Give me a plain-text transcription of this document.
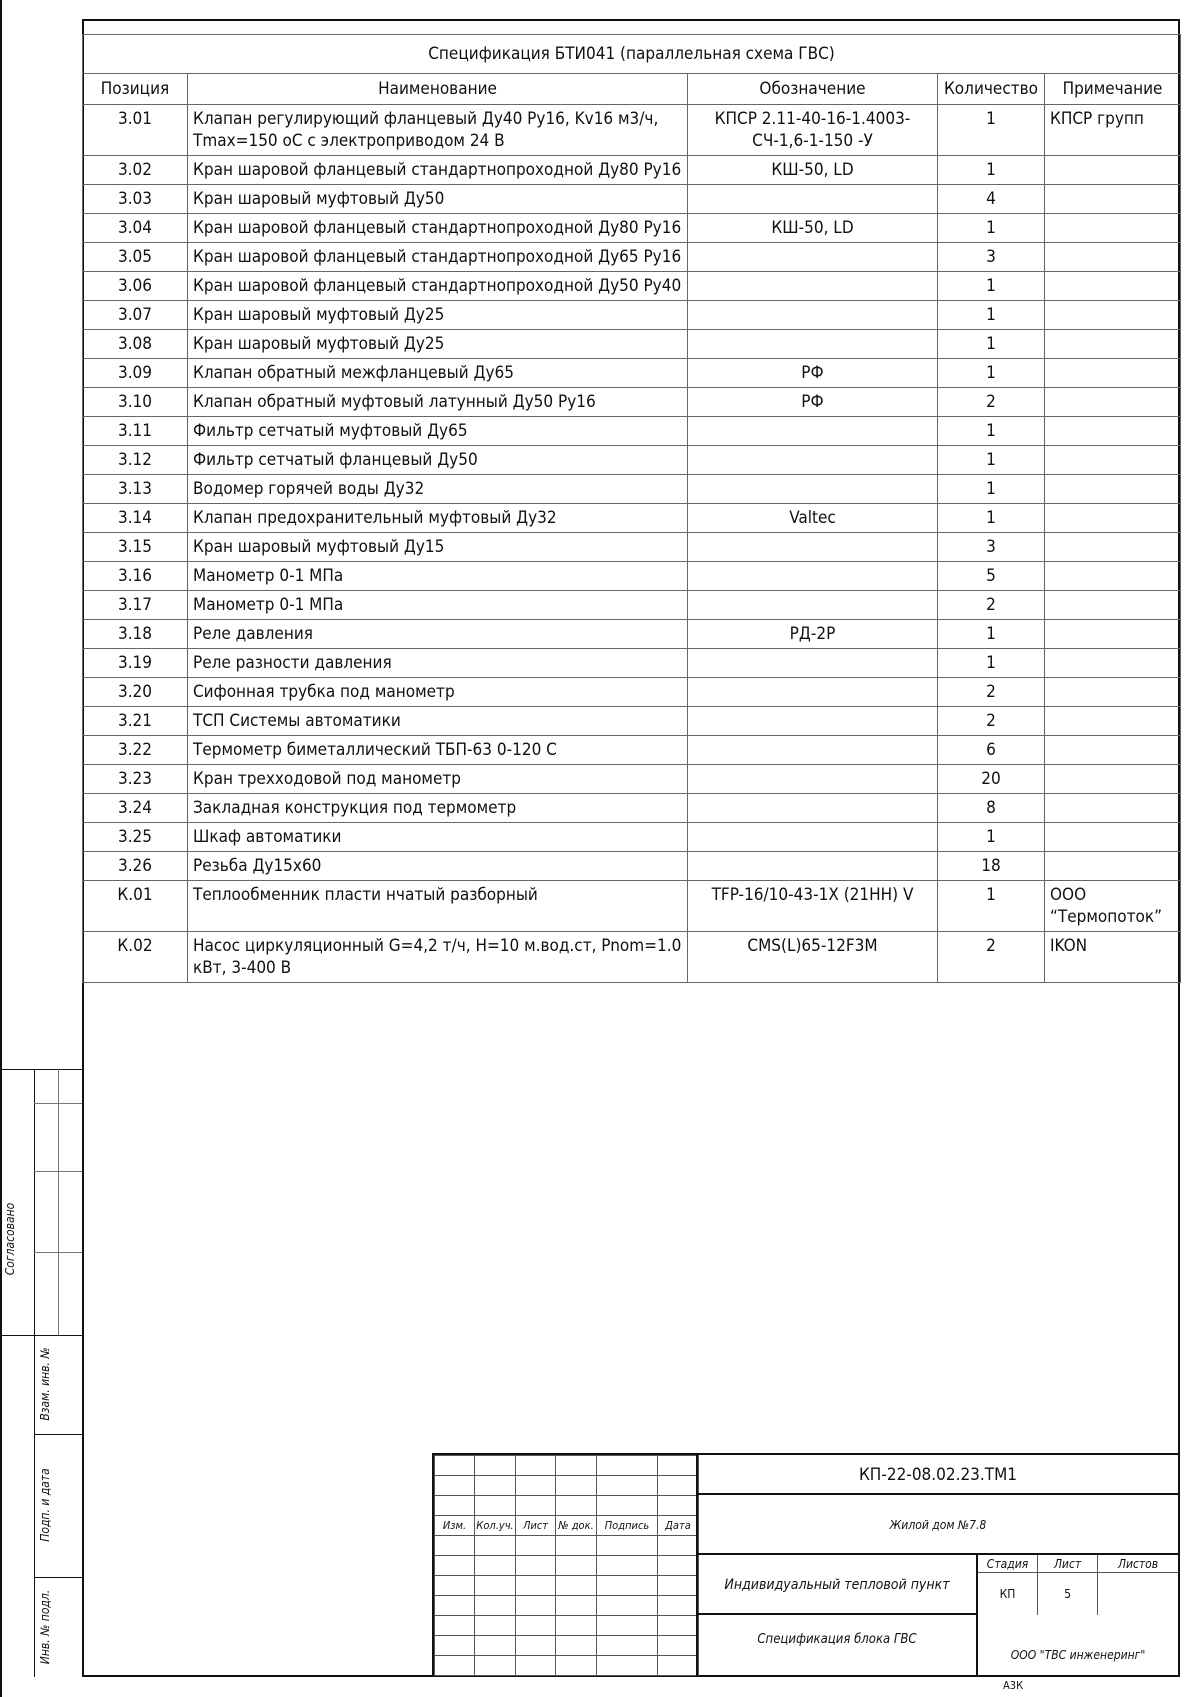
Спецификация БТИ041 (параллельная схема ГВС)				
Позиция	Наименование	Обозначение	Количество	Примечание
3.01	Клапан регулирующий фланцевый Ду40 Ру16, Kv16 м3/ч, Тmax=150 оС с электроприводом 24 В	КПСР 2.11-40-16-1.4003-СЧ-1,6-1-150 -У	1	КПСР групп
3.02	Кран шаровой фланцевый стандартнопроходной Ду80 Ру16	КШ-50, LD	1	
3.03	Кран шаровый муфтовый Ду50		4	
3.04	Кран шаровой фланцевый стандартнопроходной Ду80 Ру16	КШ-50, LD	1	
3.05	Кран шаровой фланцевый стандартнопроходной Ду65 Ру16		3	
3.06	Кран шаровой фланцевый стандартнопроходной Ду50 Ру40		1	
3.07	Кран шаровый муфтовый Ду25		1	
3.08	Кран шаровый муфтовый Ду25		1	
3.09	Клапан обратный межфланцевый Ду65	РФ	1	
3.10	Клапан обратный муфтовый латунный Ду50 Ру16	РФ	2	
3.11	Фильтр сетчатый муфтовый Ду65		1	
3.12	Фильтр сетчатый фланцевый Ду50		1	
3.13	Водомер горячей воды Ду32		1	
3.14	Клапан предохранительный муфтовый Ду32	Valtec	1	
3.15	Кран шаровый муфтовый Ду15		3	
3.16	Манометр 0-1 МПа		5	
3.17	Манометр 0-1 МПа		2	
3.18	Реле давления	РД-2Р	1	
3.19	Реле разности давления		1	
3.20	Сифонная трубка под манометр		2	
3.21	ТСП Системы автоматики		2	
3.22	Термометр биметаллический ТБП-63 0-120 С		6	
3.23	Кран трехходовой под манометр		20	
3.24	Закладная конструкция под термометр		8	
3.25	Шкаф автоматики		1	
3.26	Резьба Ду15х60		18	
К.01	Теплообменник пласти нчатый разборный	TFP-16/10-43-1X (21HH) V	1	ООО “Термопоток”
К.02	Насос циркуляционный G=4,2 т/ч, H=10 м.вод.ст, Pnom=1.0 кВт, 3-400 В	CMS(L)65-12F3M	2	IKON
Согласовано
Взам. инв. №
Подп. и дата
Инв. № подл.

Изм.	Кол.уч.	Лист	№ док.	Подпись	Дата

КП-22-08.02.23.ТМ1
Жилой дом №7.8
Индивидуальный тепловой пункт
Спецификация блока ГВС
Стадия	Лист	Листов
КП	5
ООО "ТВС инженеринг"
А3К
